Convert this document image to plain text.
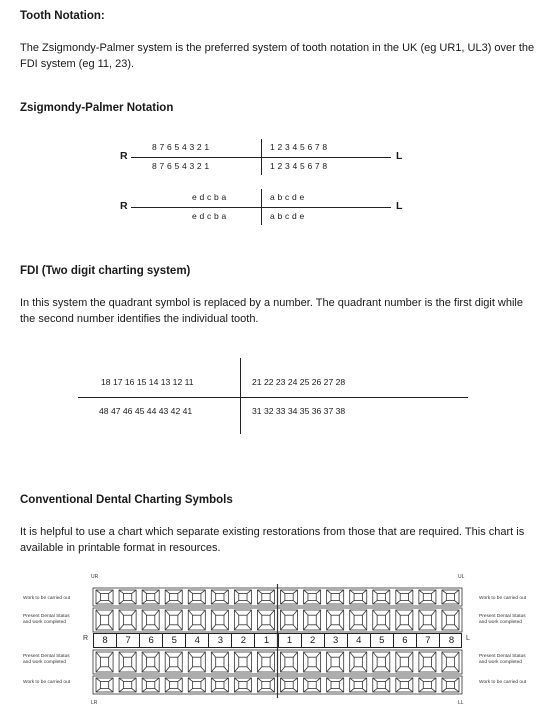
Tooth Notation:
The Zsigmondy-Palmer system is the preferred system of tooth notation in the UK (eg UR1, UL3) over the FDI system (eg 11, 23).
Zsigmondy-Palmer Notation
R	L
8 7 6 5 4 3 2 1	1 2 3 4 5 6 7 8
8 7 6 5 4 3 2 1	1 2 3 4 5 6 7 8
R	L
e d c b a	a b c d e
e d c b a	a b c d e
FDI (Two digit charting system)
In this system the quadrant symbol is replaced by a number. The quadrant number is the first digit while the second number identifies the individual tooth.
18 17 16 15 14 13 12 11	21 22 23 24 25 26 27 28
48 47 46 45 44 43 42 41	31 32 33 34 35 36 37 38
Conventional Dental Charting Symbols
It is helpful to use a chart which separate existing restorations from those that are required. This chart is available in printable format in resources.
UR	UL
LR	LL
Work to be carried out
Present Dental Status and work completed
Present Dental Status and work completed
Work to be carried out
Work to be carried out
Present Dental Status and work completed
Present Dental Status and work completed
Work to be carried out
R	L
8	7	6	5	4	3	2	1	1	2	3	4	5	6	7	8
